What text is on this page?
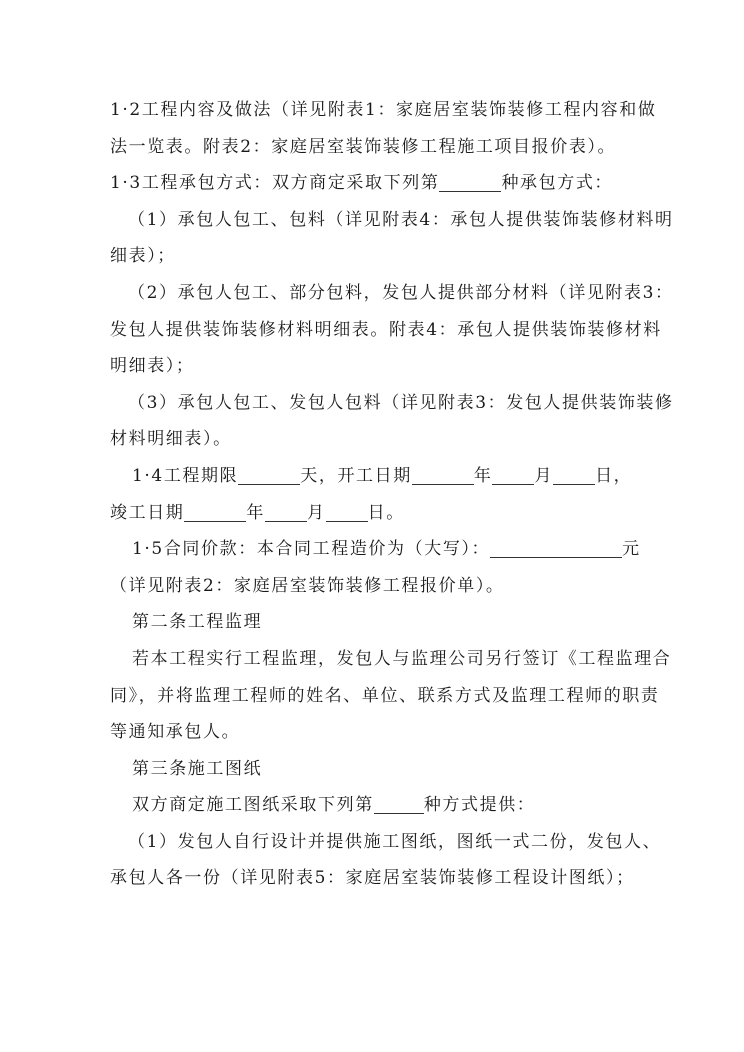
1·2工程内容及做法（详见附表1：家庭居室装饰装修工程内容和做
法一览表。附表2：家庭居室装饰装修工程施工项目报价表）。
1·3工程承包方式：双方商定采取下列第	种承包方式：
（1）承包人包工、包料（详见附表4：承包人提供装饰装修材料明
细表）；
（2）承包人包工、部分包料，发包人提供部分材料（详见附表3：
发包人提供装饰装修材料明细表。附表4：承包人提供装饰装修材料
明细表）；
（3）承包人包工、发包人包料（详见附表3：发包人提供装饰装修
材料明细表）。
1·4工程期限	天，开工日期	年 月 日，
竣工日期	年 月 日。
1·5合同价款：本合同工程造价为（大写）：	元
（详见附表2：家庭居室装饰装修工程报价单）。
第二条工程监理
若本工程实行工程监理，发包人与监理公司另行签订《工程监理合
同》，并将监理工程师的姓名、单位、联系方式及监理工程师的职责
等通知承包人。
第三条施工图纸
双方商定施工图纸采取下列第	种方式提供：
（1）发包人自行设计并提供施工图纸，图纸一式二份，发包人、
承包人各一份（详见附表5：家庭居室装饰装修工程设计图纸）；
